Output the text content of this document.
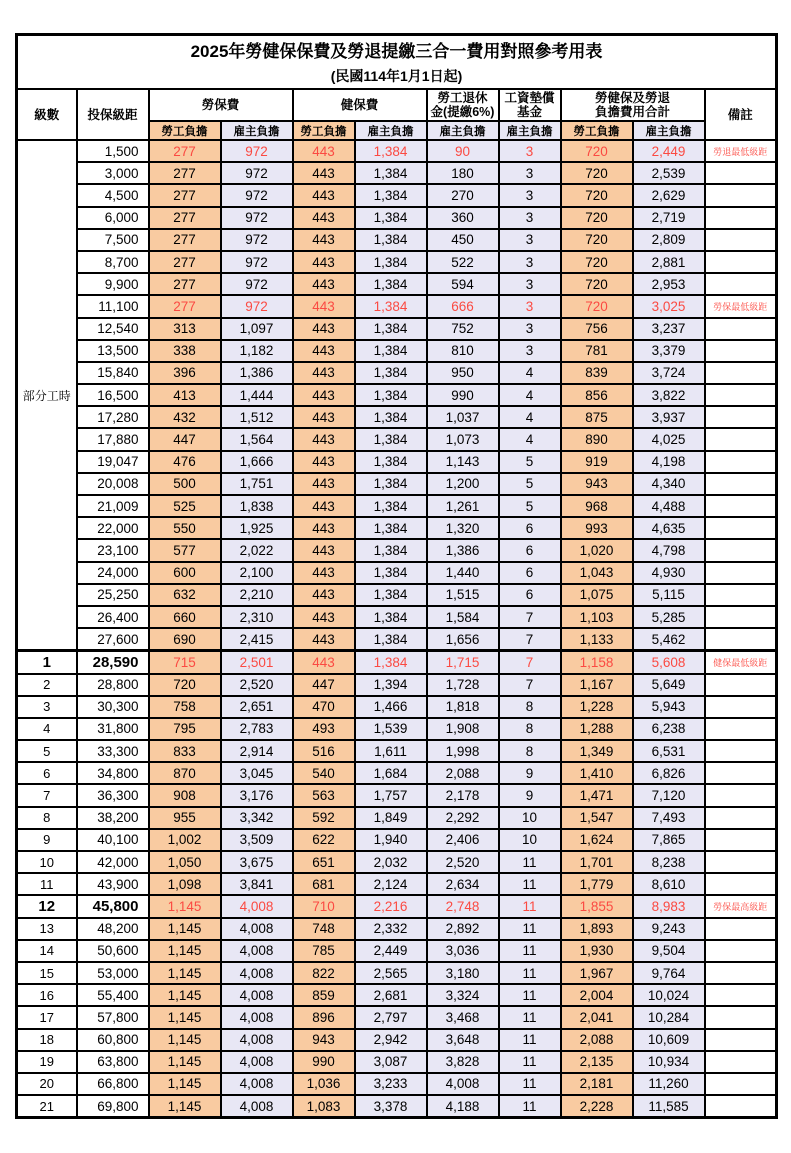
2025年勞健保保費及勞退提繳三合一費用對照參考用表
(民國114年1月1日起)										

級數	投保級距	勞保費	健保費	勞工退休
金(提繳6%)

工資墊償
基金

勞健保及勞退
負擔費用合計	備註
		勞工負擔	雇主負擔	勞工負擔	雇主負擔	雇主負擔	雇主負擔	勞工負擔	雇主負擔	
部分工時	1,500	277	972	443	1,384	90	3	720	2,449	勞退最低級距
	3,000	277	972	443	1,384	180	3	720	2,539	
	4,500	277	972	443	1,384	270	3	720	2,629	
	6,000	277	972	443	1,384	360	3	720	2,719	
	7,500	277	972	443	1,384	450	3	720	2,809	
	8,700	277	972	443	1,384	522	3	720	2,881	
	9,900	277	972	443	1,384	594	3	720	2,953	
	11,100	277	972	443	1,384	666	3	720	3,025	勞保最低級距
	12,540	313	1,097	443	1,384	752	3	756	3,237	
	13,500	338	1,182	443	1,384	810	3	781	3,379	
	15,840	396	1,386	443	1,384	950	4	839	3,724	
	16,500	413	1,444	443	1,384	990	4	856	3,822	
	17,280	432	1,512	443	1,384	1,037	4	875	3,937	
	17,880	447	1,564	443	1,384	1,073	4	890	4,025	
	19,047	476	1,666	443	1,384	1,143	5	919	4,198	
	20,008	500	1,751	443	1,384	1,200	5	943	4,340	
	21,009	525	1,838	443	1,384	1,261	5	968	4,488	
	22,000	550	1,925	443	1,384	1,320	6	993	4,635	
	23,100	577	2,022	443	1,384	1,386	6	1,020	4,798	
	24,000	600	2,100	443	1,384	1,440	6	1,043	4,930	
	25,250	632	2,210	443	1,384	1,515	6	1,075	5,115	
	26,400	660	2,310	443	1,384	1,584	7	1,103	5,285	
	27,600	690	2,415	443	1,384	1,656	7	1,133	5,462	
1	28,590	715	2,501	443	1,384	1,715	7	1,158	5,608	健保最低級距
2	28,800	720	2,520	447	1,394	1,728	7	1,167	5,649	
3	30,300	758	2,651	470	1,466	1,818	8	1,228	5,943	
4	31,800	795	2,783	493	1,539	1,908	8	1,288	6,238	
5	33,300	833	2,914	516	1,611	1,998	8	1,349	6,531	
6	34,800	870	3,045	540	1,684	2,088	9	1,410	6,826	
7	36,300	908	3,176	563	1,757	2,178	9	1,471	7,120	
8	38,200	955	3,342	592	1,849	2,292	10	1,547	7,493	
9	40,100	1,002	3,509	622	1,940	2,406	10	1,624	7,865	
10	42,000	1,050	3,675	651	2,032	2,520	11	1,701	8,238	
11	43,900	1,098	3,841	681	2,124	2,634	11	1,779	8,610	
12	45,800	1,145	4,008	710	2,216	2,748	11	1,855	8,983	勞保最高級距
13	48,200	1,145	4,008	748	2,332	2,892	11	1,893	9,243	
14	50,600	1,145	4,008	785	2,449	3,036	11	1,930	9,504	
15	53,000	1,145	4,008	822	2,565	3,180	11	1,967	9,764	
16	55,400	1,145	4,008	859	2,681	3,324	11	2,004	10,024	
17	57,800	1,145	4,008	896	2,797	3,468	11	2,041	10,284	
18	60,800	1,145	4,008	943	2,942	3,648	11	2,088	10,609	
19	63,800	1,145	4,008	990	3,087	3,828	11	2,135	10,934	
20	66,800	1,145	4,008	1,036	3,233	4,008	11	2,181	11,260	
21	69,800	1,145	4,008	1,083	3,378	4,188	11	2,228	11,585	
